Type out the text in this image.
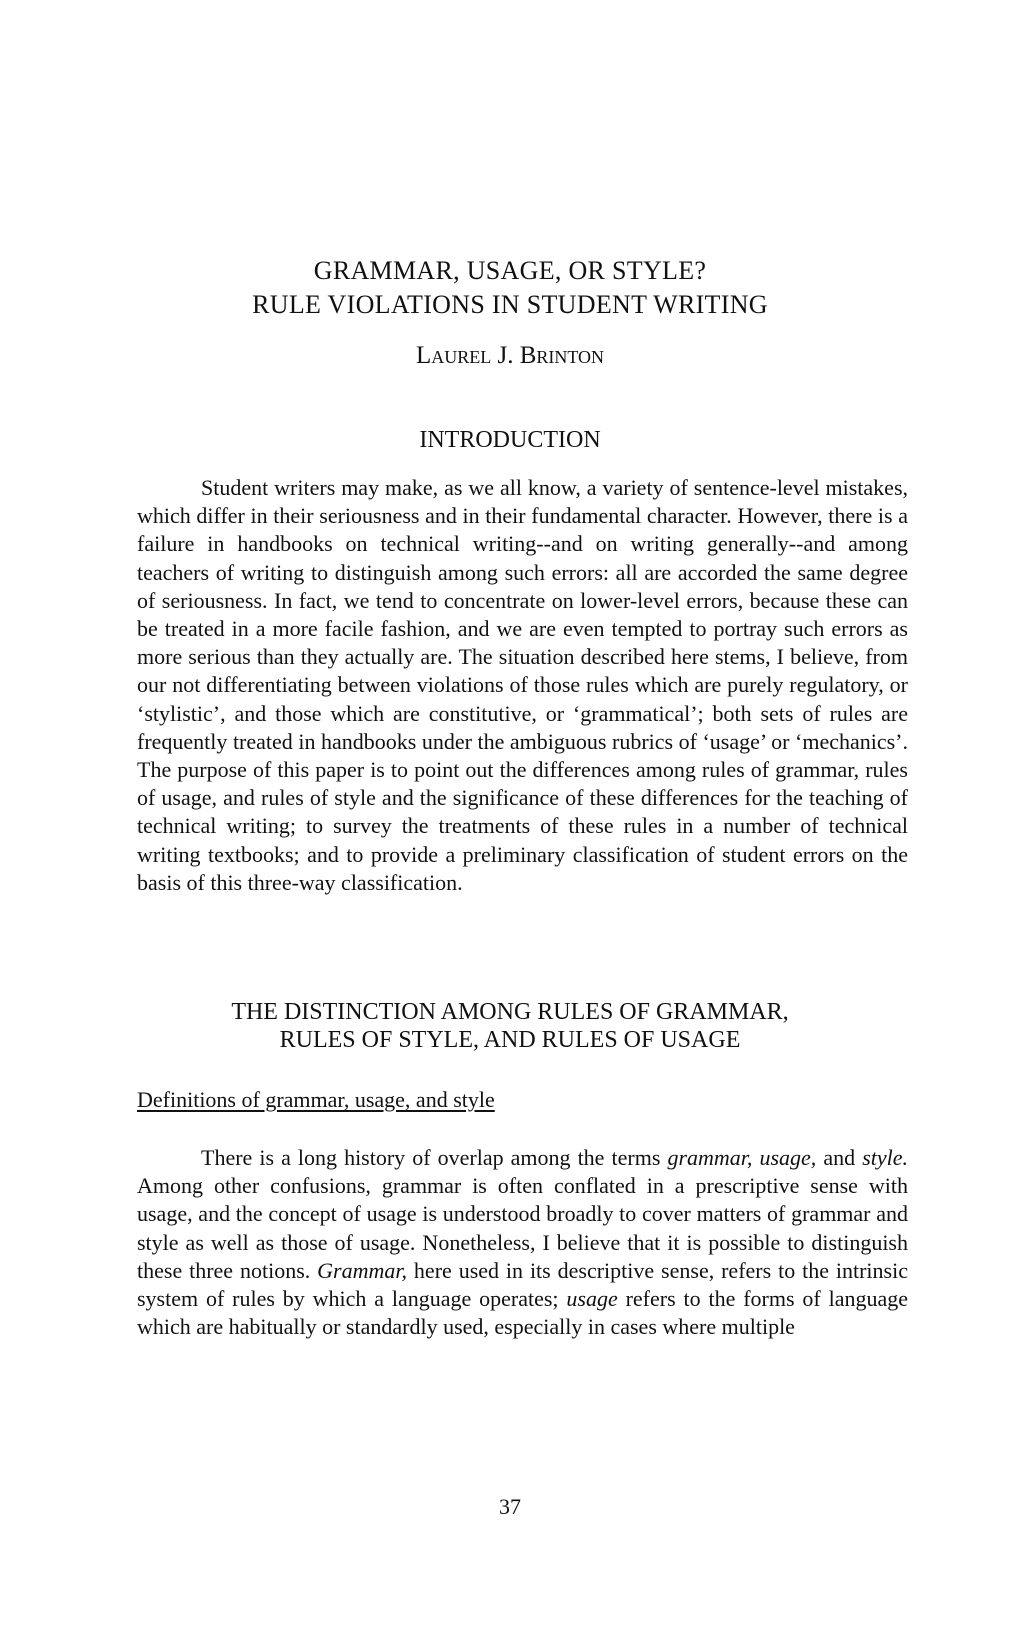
GRAMMAR, USAGE, OR STYLE?
RULE VIOLATIONS IN STUDENT WRITING
Laurel J. Brinton
INTRODUCTION

Student writers may make, as we all know, a variety of sentence-level mistakes, which differ in their seriousness and in their fundamental character. However, there is a failure in handbooks on technical writing--and on writing generally--and among teachers of writing to distinguish among such errors: all are accorded the same degree of seriousness. In fact, we tend to concentrate on lower-level errors, because these can be treated in a more facile fashion, and we are even tempted to portray such errors as more serious than they actually are. The situation described here stems, I believe, from our not differentiating between violations of those rules which are purely regulatory, or ‘stylistic’, and those which are constitutive, or ‘grammatical’; both sets of rules are frequently treated in handbooks under the ambiguous rubrics of ‘usage’ or ‘mechanics’. The purpose of this paper is to point out the differences among rules of grammar, rules of usage, and rules of style and the significance of these differences for the teaching of technical writing; to survey the treatments of these rules in a number of technical writing textbooks; and to provide a preliminary classification of student errors on the basis of this three-way classification.

THE DISTINCTION AMONG RULES OF GRAMMAR,
RULES OF STYLE, AND RULES OF USAGE
Definitions of grammar, usage, and style

There is a long history of overlap among the terms grammar, usage, and style. Among other confusions, grammar is often conflated in a prescriptive sense with usage, and the concept of usage is understood broadly to cover matters of grammar and style as well as those of usage. Nonetheless, I believe that it is possible to distinguish these three notions. Grammar, here used in its descriptive sense, refers to the intrinsic system of rules by which a language operates; usage refers to the forms of language which are habitually or standardly used, especially in cases where multiple

37
